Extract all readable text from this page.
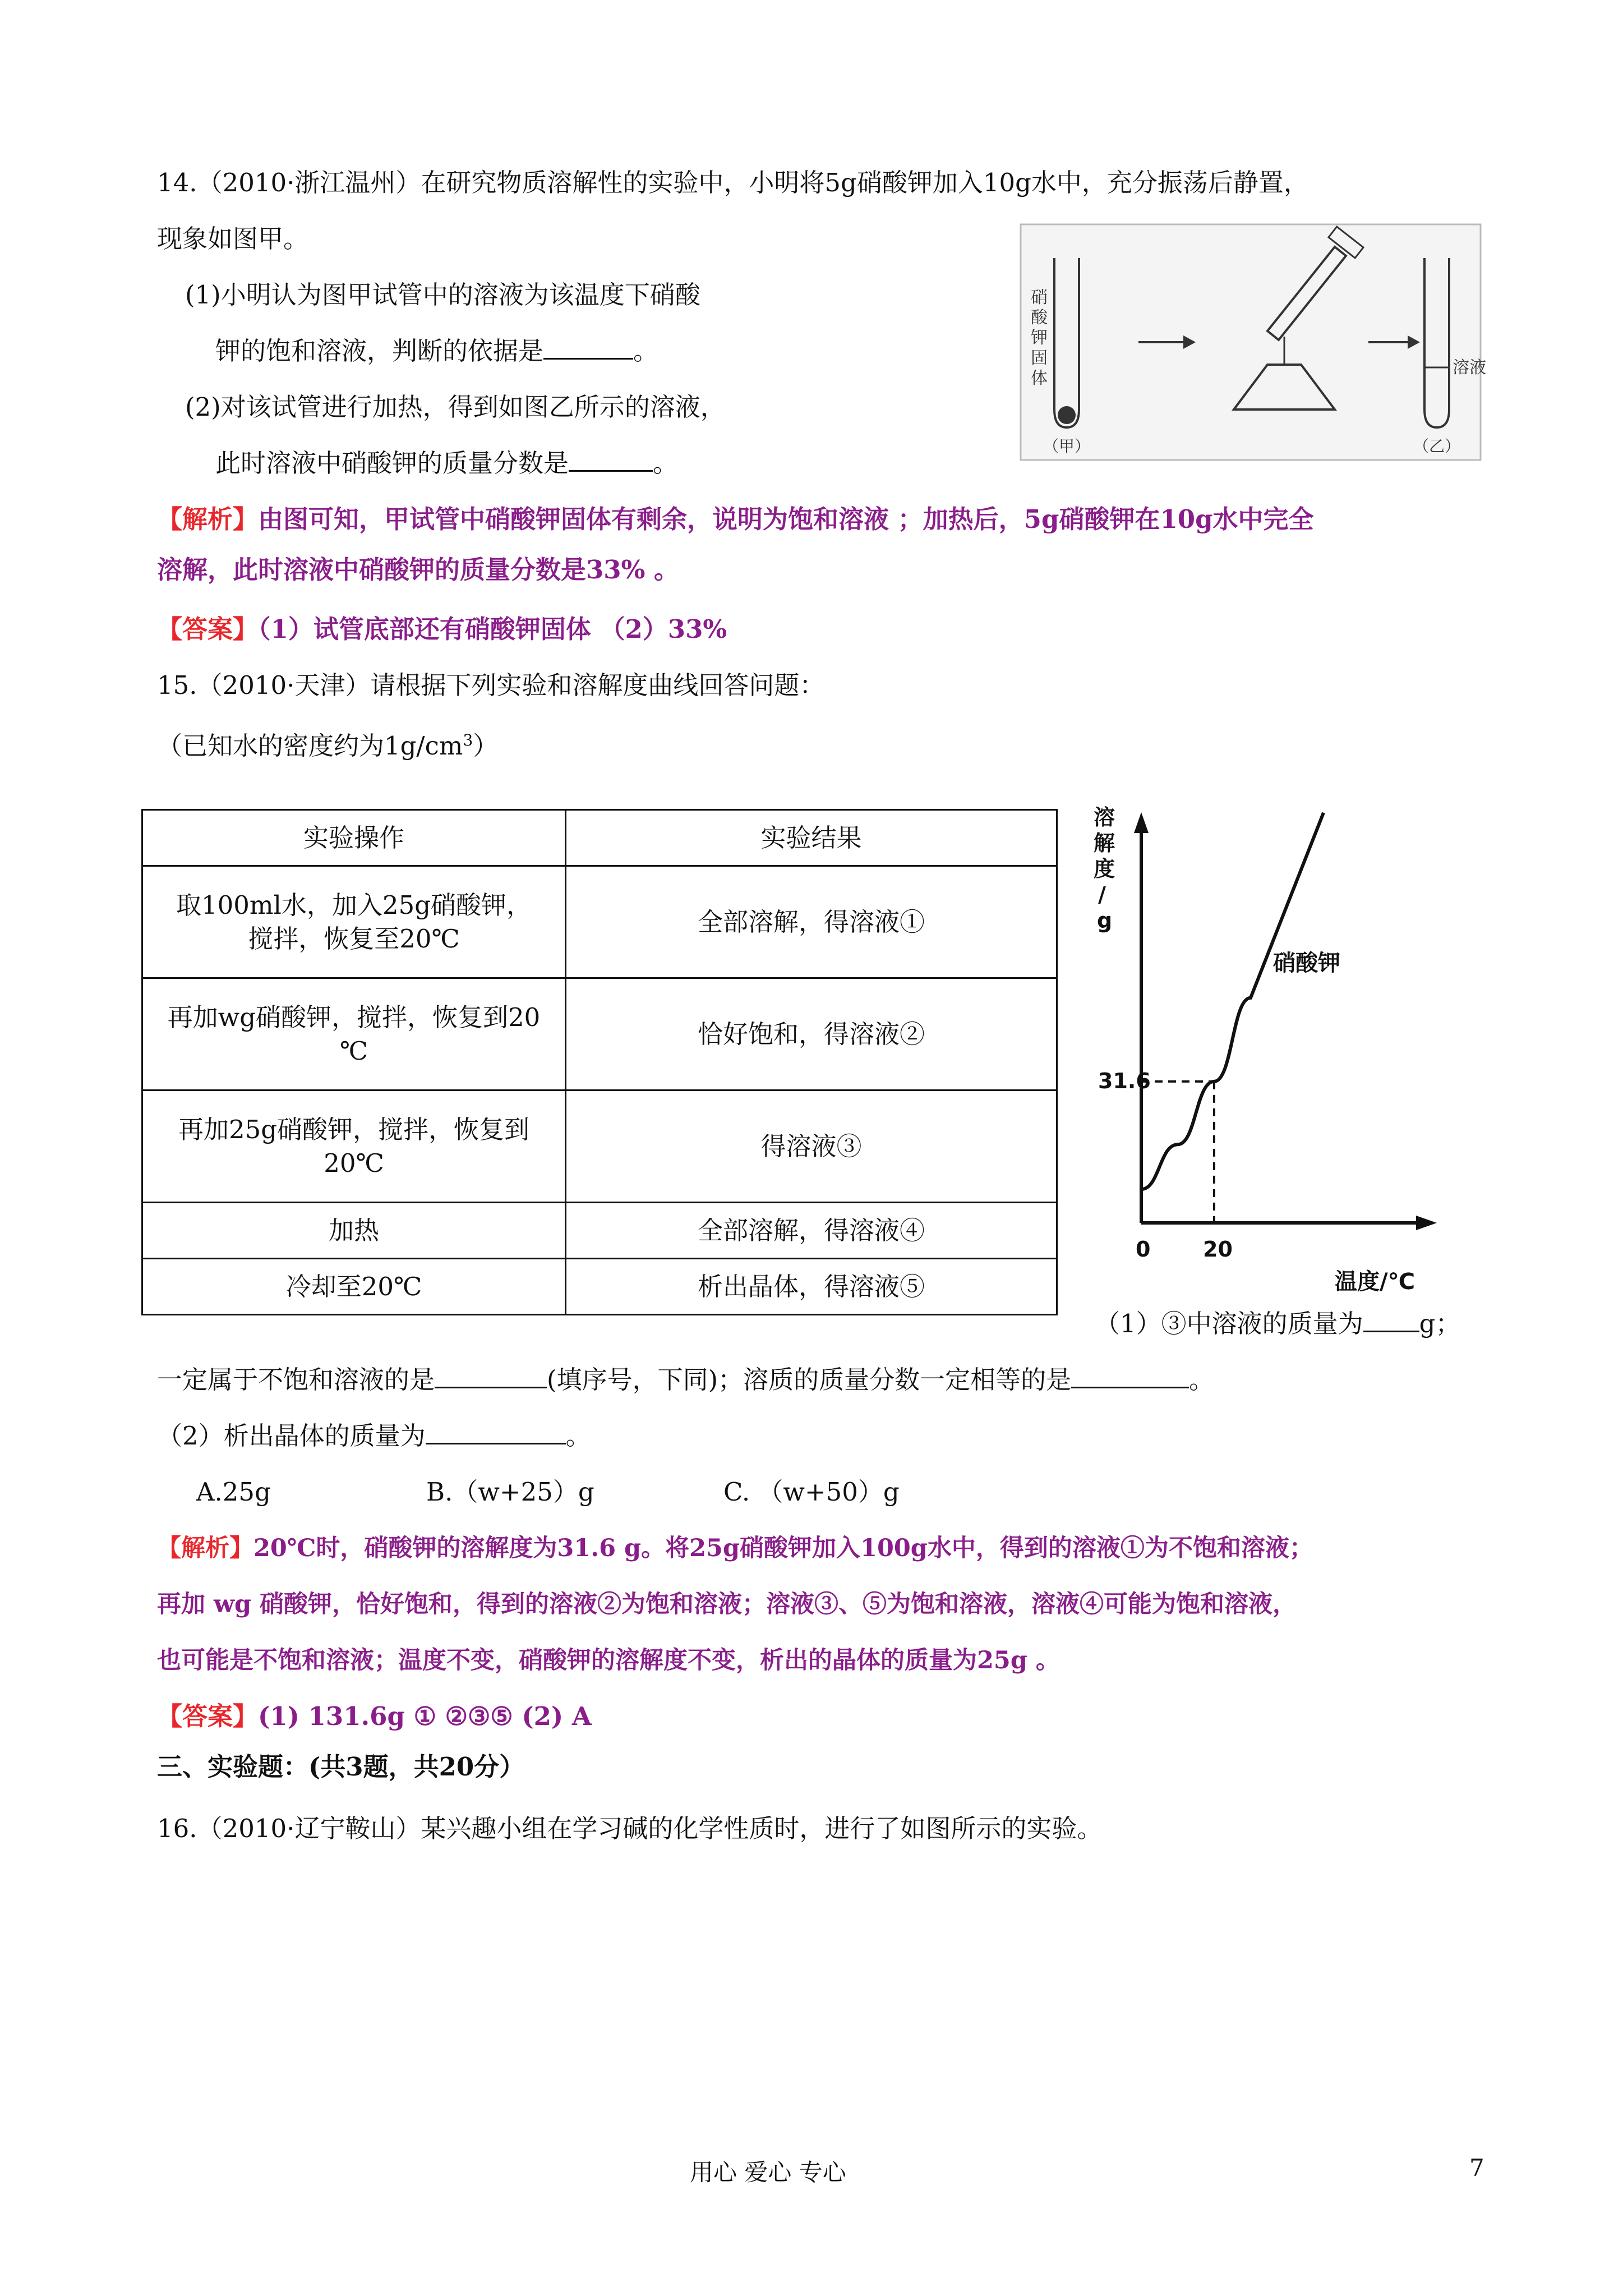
14.（2010·浙江温州）在研究物质溶解性的实验中，小明将5g硝酸钾加入10g水中，充分振荡后静置，
现象如图甲。
(1)小明认为图甲试管中的溶液为该温度下硝酸
钾的饱和溶液，判断的依据是	。
(2)对该试管进行加热，得到如图乙所示的溶液，
此时溶液中硝酸钾的质量分数是	。
硝酸钾固体
溶液
（甲）	（乙）
【解析】由图可知，甲试管中硝酸钾固体有剩余，说明为饱和溶液 ；加热后，5g硝酸钾在10g水中完全
溶解，此时溶液中硝酸钾的质量分数是33% 。
【答案】（1）试管底部还有硝酸钾固体 （2）33%
15.（2010·天津）请根据下列实验和溶解度曲线回答问题：
（已知水的密度约为$1g/cm^3$）
实验操作	实验结果

取100ml水，加入25g硝酸钾，
搅拌，恢复至20℃	全部溶解，得溶液①

再加wg硝酸钾，搅拌，恢复到20
℃	恰好饱和，得溶液②

再加25g硝酸钾，搅拌，恢复到
20℃	得溶液③
加热	全部溶解，得溶液④
冷却至20℃	析出晶体，得溶液⑤
溶解度/ g
31.6
0 20
温度/℃
硝酸钾
（1）③中溶液的质量为 g；
一定属于不饱和溶液的是	(填序号，下同)；溶质的质量分数一定相等的是	。
（2）析出晶体的质量为	。
A.25g	B.（w+25）g	C. （w+50）g
【解析】20℃时，硝酸钾的溶解度为31.6 g。将25g硝酸钾加入100g水中，得到的溶液①为不饱和溶液；
再加 wg 硝酸钾，恰好饱和，得到的溶液②为饱和溶液；溶液③、⑤为饱和溶液，溶液④可能为饱和溶液，
也可能是不饱和溶液；温度不变，硝酸钾的溶解度不变，析出的晶体的质量为25g 。
【答案】(1) 131.6g ① ②③⑤ (2) A
三、实验题：(共3题，共20分）
16.（2010·辽宁鞍山）某兴趣小组在学习碱的化学性质时，进行了如图所示的实验。
用心 爱心 专心	7
